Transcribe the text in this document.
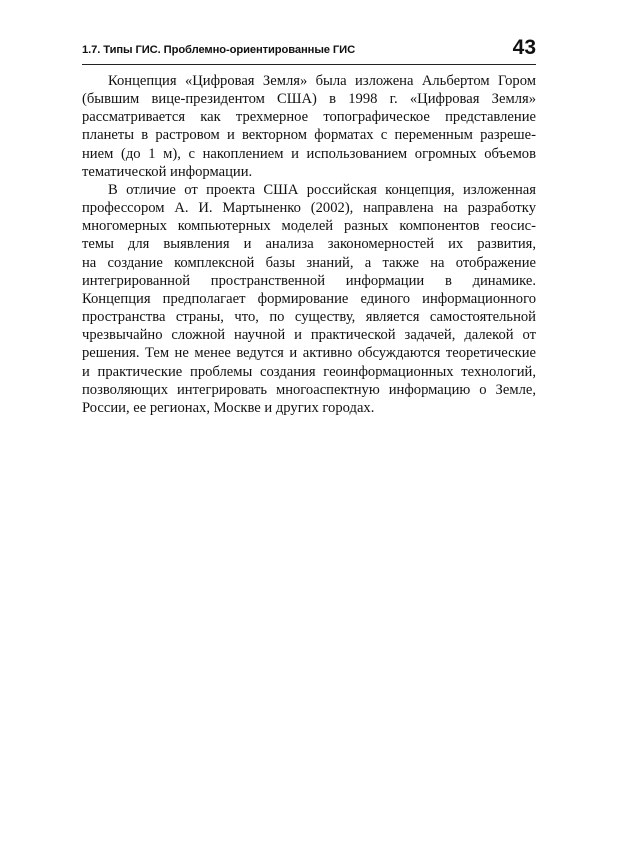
1.7. Типы ГИС. Проблемно-ориентированные ГИС	43

Концепция «Цифровая Земля» была изложена Альбертом Гором
(бывшим вице-президентом США) в 1998 г. «Цифровая Земля»
рассматривается как трехмерное топографическое представление
планеты в растровом и векторном форматах с переменным разреше-
нием (до 1 м), с накоплением и использованием огромных объемов
тематической информации.

В отличие от проекта США российская концепция, изложенная
профессором А. И. Мартыненко (2002), направлена на разработку
многомерных компьютерных моделей разных компонентов геосис-
темы для выявления и анализа закономерностей их развития,
на создание комплексной базы знаний, а также на отображение
интегрированной пространственной информации в динамике.
Концепция предполагает формирование единого информационного
пространства страны, что, по существу, является самостоятельной
чрезвычайно сложной научной и практической задачей, далекой от
решения. Тем не менее ведутся и активно обсуждаются теоретические
и практические проблемы создания геоинформационных технологий,
позволяющих интегрировать многоаспектную информацию о Земле,
России, ее регионах, Москве и других городах.
